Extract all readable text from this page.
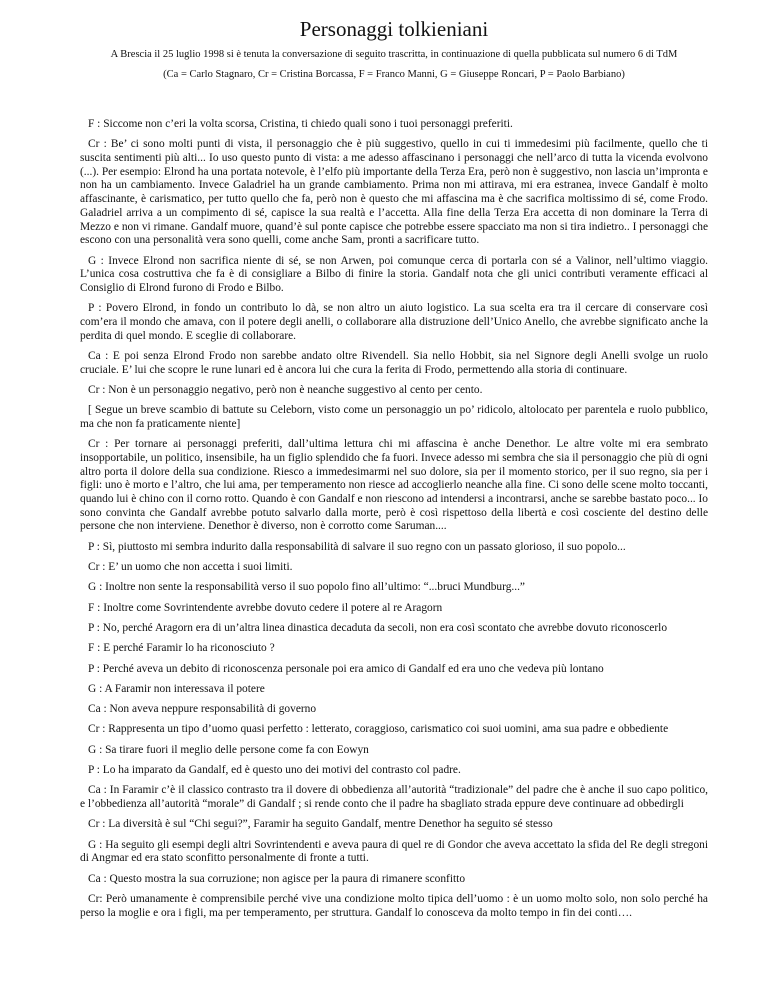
Personaggi tolkieniani

A Brescia il 25 luglio 1998 si è tenuta la conversazione di seguito trascritta, in continuazione di quella pubblicata sul numero 6 di TdM

(Ca = Carlo Stagnaro, Cr = Cristina Borcassa, F = Franco Manni, G = Giuseppe Roncari, P = Paolo Barbiano)

F : Siccome non c’eri la volta scorsa, Cristina, ti chiedo quali sono i tuoi personaggi preferiti.

Cr : Be’ ci sono molti punti di vista, il personaggio che è più suggestivo, quello in cui ti immedesimi più facilmente, quello che ti suscita sentimenti più alti... Io uso questo punto di vista: a me adesso affascinano i personaggi che nell’arco di tutta la vicenda evolvono (...). Per esempio: Elrond ha una portata notevole, è l’elfo più importante della Terza Era, però non è suggestivo, non lascia un’impronta e non ha un cambiamento. Invece Galadriel ha un grande cambiamento. Prima non mi attirava, mi era estranea, invece Gandalf è molto affascinante, è carismatico, per tutto quello che fa, però non è questo che mi affascina ma è che sacrifica moltissimo di sé, come Frodo. Galadriel arriva a un compimento di sé, capisce la sua realtà e l’accetta. Alla fine della Terza Era accetta di non dominare la Terra di Mezzo e non vi rimane. Gandalf muore, quand’è sul ponte capisce che potrebbe essere spacciato ma non si tira indietro.. I personaggi che escono con una personalità vera sono quelli, come anche Sam, pronti a sacrificare tutto.

G : Invece Elrond non sacrifica niente di sé, se non Arwen, poi comunque cerca di portarla con sé a Valinor, nell’ultimo viaggio. L’unica cosa costruttiva che fa è di consigliare a Bilbo di finire la storia. Gandalf nota che gli unici contributi veramente efficaci al Consiglio di Elrond furono di Frodo e Bilbo.

P : Povero Elrond, in fondo un contributo lo dà, se non altro un aiuto logistico. La sua scelta era tra il cercare di conservare così com’era il mondo che amava, con il potere degli anelli, o collaborare alla distruzione dell’Unico Anello, che avrebbe significato anche la perdita di quel mondo. E sceglie di collaborare.

Ca : E poi senza Elrond Frodo non sarebbe andato oltre Rivendell. Sia nello Hobbit, sia nel Signore degli Anelli svolge un ruolo cruciale. E’ lui che scopre le rune lunari ed è ancora lui che cura la ferita di Frodo, permettendo alla storia di continuare.

Cr : Non è un personaggio negativo, però non è neanche suggestivo al cento per cento.

[ Segue un breve scambio di battute su Celeborn, visto come un personaggio un po’ ridicolo, altolocato per parentela e ruolo pubblico, ma che non fa praticamente niente]

Cr : Per tornare ai personaggi preferiti, dall’ultima lettura chi mi affascina è anche Denethor. Le altre volte mi era sembrato insopportabile, un politico, insensibile, ha un figlio splendido che fa fuori. Invece adesso mi sembra che sia il personaggio che più di ogni altro porta il dolore della sua condizione. Riesco a immedesimarmi nel suo dolore, sia per il momento storico, per il suo regno, sia per i figli: uno è morto e l’altro, che lui ama, per temperamento non riesce ad accoglierlo neanche alla fine. Ci sono delle scene molto toccanti, quando lui è chino con il corno rotto. Quando è con Gandalf e non riescono ad intendersi a incontrarsi, anche se sarebbe bastato poco... Io sono convinta che Gandalf avrebbe potuto salvarlo dalla morte, però è così rispettoso della libertà e così cosciente del destino delle persone che non interviene. Denethor è diverso, non è corrotto come Saruman....

P : Sì, piuttosto mi sembra indurito dalla responsabilità di salvare il suo regno con un passato glorioso, il suo popolo...

Cr : E’ un uomo che non accetta i suoi limiti.

G : Inoltre non sente la responsabilità verso il suo popolo fino all’ultimo: “...bruci Mundburg...”

F : Inoltre come Sovrintendente avrebbe dovuto cedere il potere al re Aragorn

P : No, perché Aragorn era di un’altra linea dinastica decaduta da secoli, non era così scontato che avrebbe dovuto riconoscerlo

F : E perché Faramir lo ha riconosciuto ?

P : Perché aveva un debito di riconoscenza personale poi era amico di Gandalf ed era uno che vedeva più lontano

G : A Faramir non interessava il potere

Ca : Non aveva neppure responsabilità di governo

Cr : Rappresenta un tipo d’uomo quasi perfetto : letterato, coraggioso, carismatico coi suoi uomini, ama sua padre e obbediente

G : Sa tirare fuori il meglio delle persone come fa con Eowyn

P : Lo ha imparato da Gandalf, ed è questo uno dei motivi del contrasto col padre.

Ca : In Faramir c’è il classico contrasto tra il dovere di obbedienza all’autorità “tradizionale” del padre che è anche il suo capo politico, e l’obbedienza all’autorità “morale” di Gandalf ; si rende conto che il padre ha sbagliato strada eppure deve continuare ad obbedirgli

Cr : La diversità è sul “Chi segui?”, Faramir ha seguito Gandalf, mentre Denethor ha seguito sé stesso

G : Ha seguito gli esempi degli altri Sovrintendenti e aveva paura di quel re di Gondor che aveva accettato la sfida del Re degli stregoni di Angmar ed era stato sconfitto personalmente di fronte a tutti.

Ca : Questo mostra la sua corruzione; non agisce per la paura di rimanere sconfitto

Cr: Però umanamente è comprensibile perché vive una condizione molto tipica dell’uomo : è un uomo molto solo, non solo perché ha perso la moglie e ora i figli, ma per temperamento, per struttura. Gandalf lo conosceva da molto tempo in fin dei conti….
